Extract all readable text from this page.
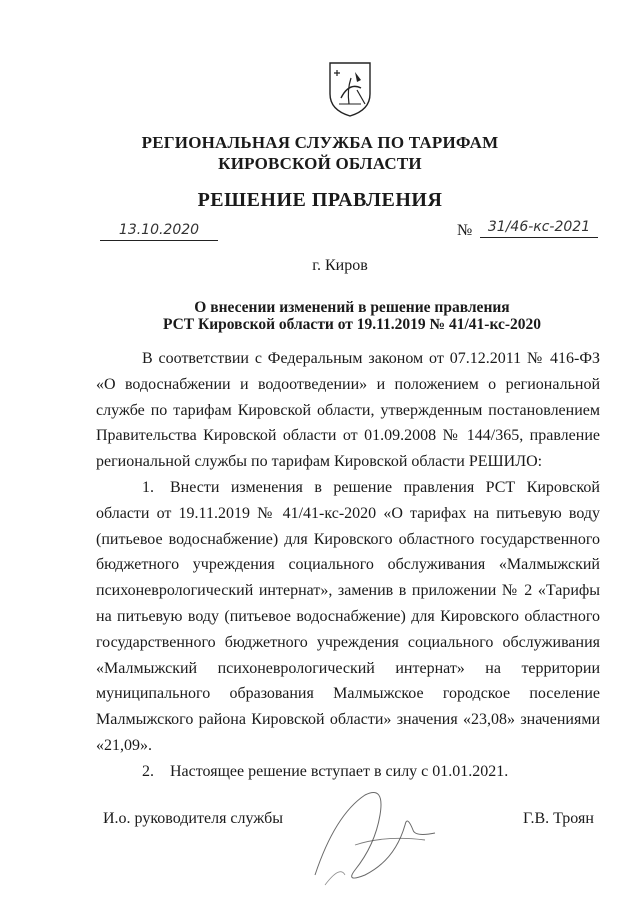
РЕГИОНАЛЬНАЯ СЛУЖБА ПО ТАРИФАМ
КИРОВСКОЙ ОБЛАСТИ
РЕШЕНИЕ ПРАВЛЕНИЯ
13.10.2020	№	31/46-кс-2021
г. Киров
О внесении изменений в решение правления
РСТ Кировской области от 19.11.2019 № 41/41-кс-2020

В соответствии с Федеральным законом от 07.12.2011 № 416-ФЗ «О водоснабжении и водоотведении» и положением о региональной службе по тарифам Кировской области, утвержденным постановлением Правительства Кировской области от 01.09.2008 № 144/365, правление региональной службы по тарифам Кировской области РЕШИЛО:

1. Внести изменения в решение правления РСТ Кировской области от 19.11.2019 № 41/41-кс-2020 «О тарифах на питьевую воду (питьевое водоснабжение) для Кировского областного государственного бюджетного учреждения социального обслуживания «Малмыжский психоневрологический интернат», заменив в приложении № 2 «Тарифы на питьевую воду (питьевое водоснабжение) для Кировского областного государственного бюджетного учреждения социального обслуживания «Малмыжский психоневрологический интернат» на территории муниципального образования Малмыжское городское поселение Малмыжского района Кировской области» значения «23,08» значениями «21,09».

2. Настоящее решение вступает в силу с 01.01.2021.

И.о. руководителя службы	Г.В. Троян
